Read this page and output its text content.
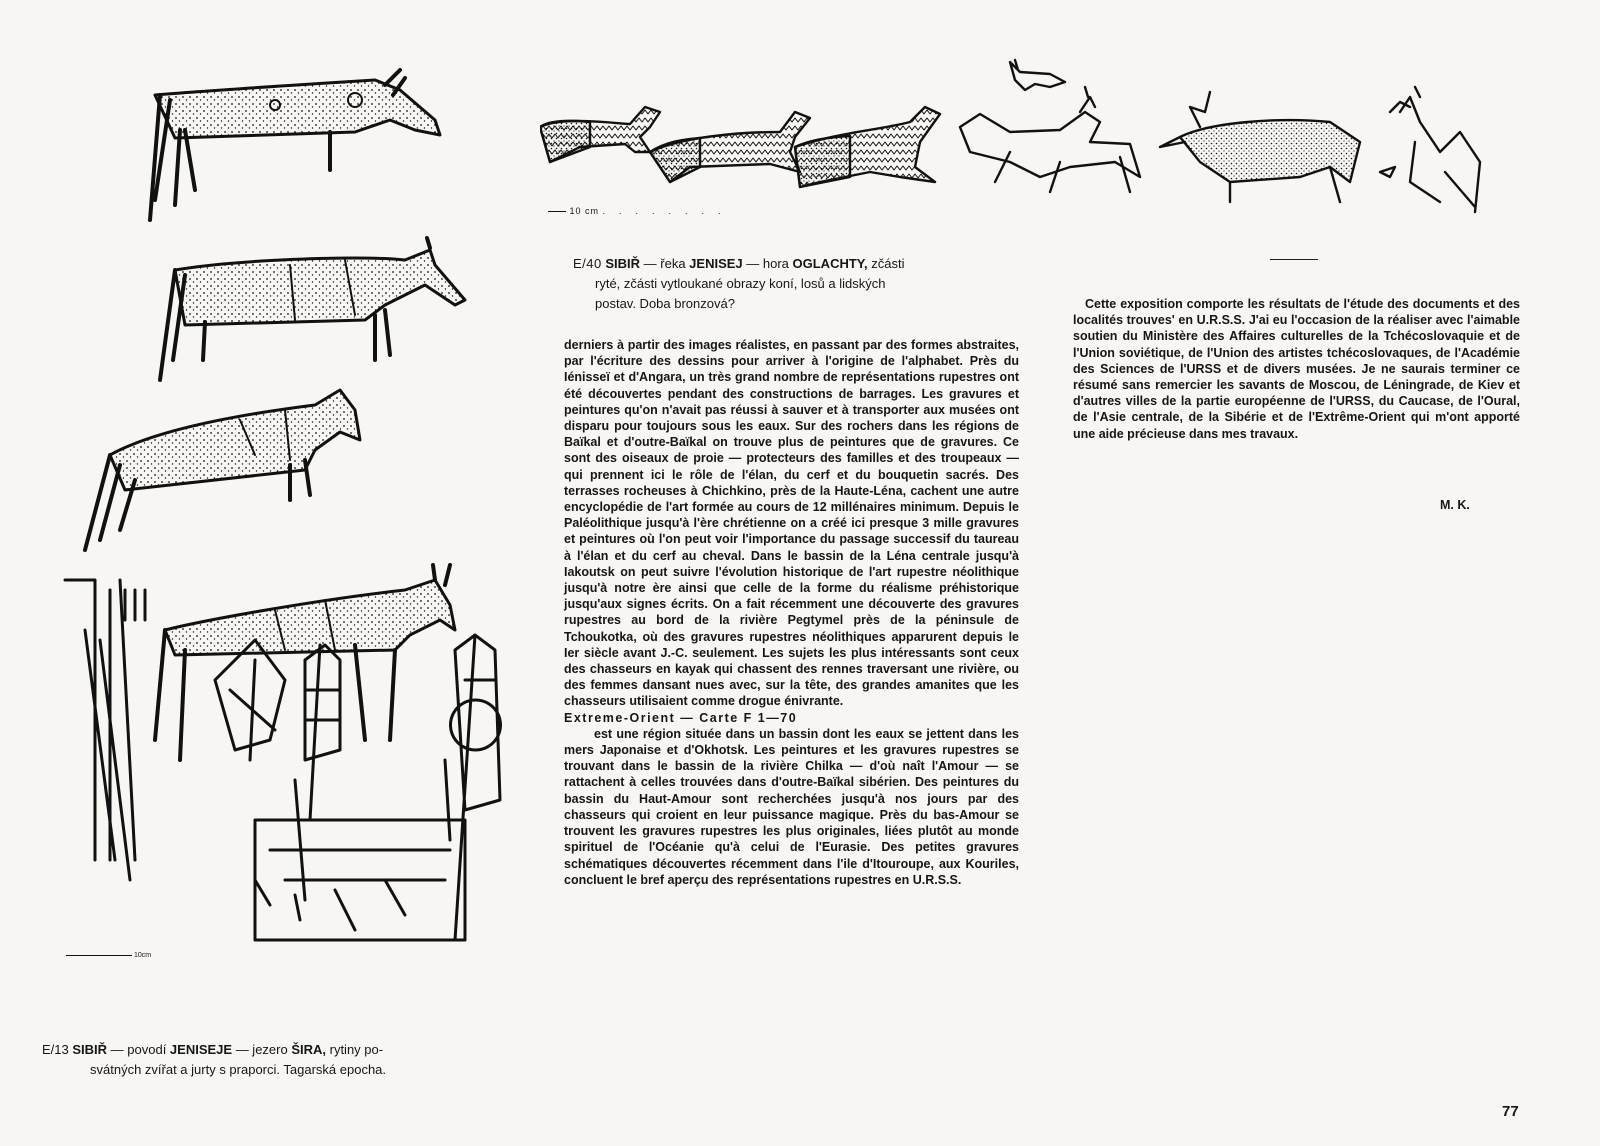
10cm
E/13 SIBIŘ — povodí JENISEJE — jezero ŠIRA, rytiny po-
svátných zvířat a jurty s praporci. Tagarská epocha.
10 cm ........
E/40 SIBIŘ — řeka JENISEJ — hora OGLACHTY, zčásti
ryté, zčásti vytloukané obrazy koní, losů a lidských
postav. Doba bronzová?

derniers à partir des images réalistes, en passant par des formes abstraites, par l'écriture des dessins pour arriver à l'origine de l'alphabet. Près du Iénisseï et d'Angara, un très grand nombre de représentations rupestres ont été découvertes pendant des constructions de barrages. Les gravures et peintures qu'on n'avait pas réussi à sauver et à transporter aux musées ont disparu pour toujours sous les eaux. Sur des rochers dans les régions de Baïkal et d'outre-Baïkal on trouve plus de peintures que de gravures. Ce sont des oiseaux de proie — protecteurs des familles et des troupeaux — qui prennent ici le rôle de l'élan, du cerf et du bouquetin sacrés. Des terrasses rocheuses à Chichkino, près de la Haute-Léna, cachent une autre encyclopédie de l'art formée au cours de 12 millénaires minimum. Depuis le Paléolithique jusqu'à l'ère chrétienne on a créé ici presque 3 mille gravures et peintures où l'on peut voir l'importance du passage successif du taureau à l'élan et du cerf au cheval. Dans le bassin de la Léna centrale jusqu'à Iakoutsk on peut suivre l'évolution historique de l'art rupestre néolithique jusqu'à notre ère ainsi que celle de la forme du réalisme préhistorique jusqu'aux signes écrits. On a fait récemment une découverte des gravures rupestres au bord de la rivière Pegtymel près de la péninsule de Tchoukotka, où des gravures rupestres néolithiques apparurent depuis le Ier siècle avant J.-C. seulement. Les sujets les plus intéressants sont ceux des chasseurs en kayak qui chassent des rennes traversant une rivière, ou des femmes dansant nues avec, sur la tête, des grandes amanites que les chasseurs utilisaient comme drogue énivrante.

Extreme-Orient — Carte F 1—70

est une région située dans un bassin dont les eaux se jettent dans les mers Japonaise et d'Okhotsk. Les peintures et les gravures rupestres se trouvant dans le bassin de la rivière Chilka — d'où naît l'Amour — se rattachent à celles trouvées dans d'outre-Baïkal sibérien. Des peintures du bassin du Haut-Amour sont recherchées jusqu'à nos jours par des chasseurs qui croient en leur puissance magique. Près du bas-Amour se trouvent les gravures rupestres les plus originales, liées plutôt au monde spirituel de l'Océanie qu'à celui de l'Eurasie. Des petites gravures schématiques découvertes récemment dans l'ile d'Itouroupe, aux Kouriles, concluent le bref aperçu des représentations rupestres en U.R.S.S.

Cette exposition comporte les résultats de l'étude des documents et des localités trouves' en U.R.S.S. J'ai eu l'occasion de la réaliser avec l'aimable soutien du Ministère des Affaires culturelles de la Tchécoslovaquie et de l'Union soviétique, de l'Union des artistes tchécoslovaques, de l'Académie des Sciences de l'URSS et de divers musées. Je ne saurais terminer ce résumé sans remercier les savants de Moscou, de Léningrade, de Kiev et d'autres villes de la partie européenne de l'URSS, du Caucase, de l'Oural, de l'Asie centrale, de la Sibérie et de l'Extrême-Orient qui m'ont apporté une aide précieuse dans mes travaux.

M. K.
77
